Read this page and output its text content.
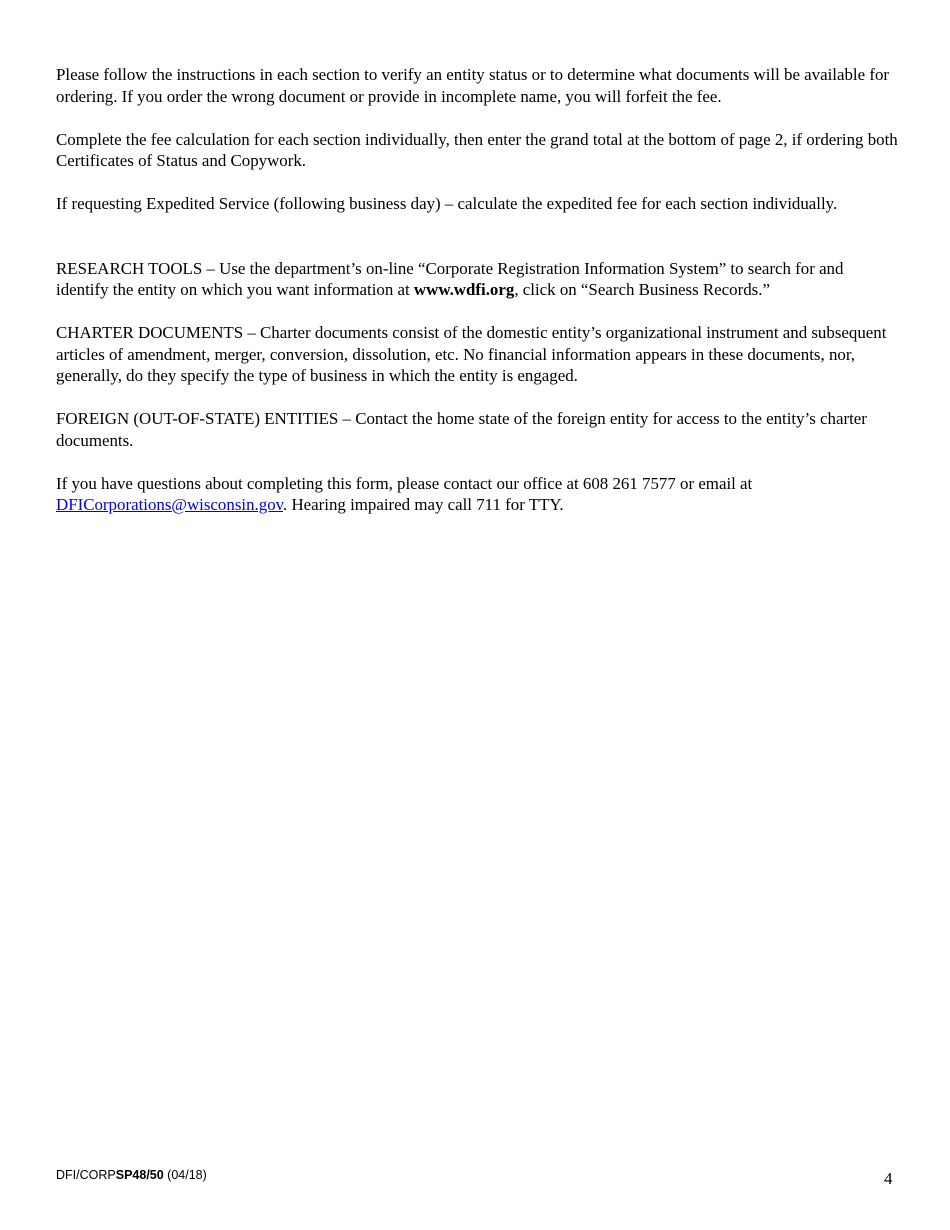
Please follow the instructions in each section to verify an entity status or to determine what documents will be available for ordering. If you order the wrong document or provide in incomplete name, you will forfeit the fee.

Complete the fee calculation for each section individually, then enter the grand total at the bottom of page 2, if ordering both Certificates of Status and Copywork.

If requesting Expedited Service (following business day) – calculate the expedited fee for each section individually.

RESEARCH TOOLS – Use the department’s on-line “Corporate Registration Information System” to search for and identify the entity on which you want information at www.wdfi.org, click on “Search Business Records.”

CHARTER DOCUMENTS – Charter documents consist of the domestic entity’s organizational instrument and subsequent articles of amendment, merger, conversion, dissolution, etc. No financial information appears in these documents, nor, generally, do they specify the type of business in which the entity is engaged.

FOREIGN (OUT-OF-STATE) ENTITIES – Contact the home state of the foreign entity for access to the entity’s charter documents.

If you have questions about completing this form, please contact our office at 608 261 7577 or email at DFICorporations@wisconsin.gov. Hearing impaired may call 711 for TTY.

DFI/CORPSP48/50 (04/18)	4
